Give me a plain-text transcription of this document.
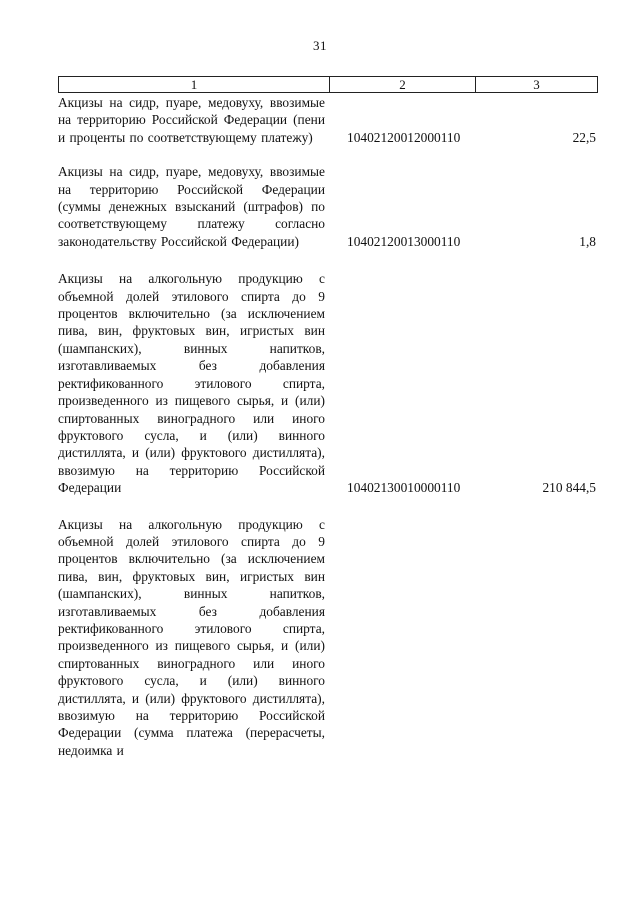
31
1	2	3
Акцизы на сидр, пуаре, медовуху, ввозимые на территорию Российской Федерации (пени и проценты по соответствующему платежу)	10402120012000110	22,5
Акцизы на сидр, пуаре, медовуху, ввозимые на территорию Российской Федерации (суммы денежных взысканий (штрафов) по соответствующему платежу согласно законодательству Российской Федерации)	10402120013000110	1,8
Акцизы на алкогольную продукцию с объемной долей этилового спирта до 9 процентов включительно (за исключением пива, вин, фруктовых вин, игристых вин (шампанских), винных напитков, изготавливаемых без добавления ректификованного этилового спирта, произведенного из пищевого сырья, и (или) спиртованных виноградного или иного фруктового сусла, и (или) винного дистиллята, и (или) фруктового дистиллята), ввозимую на территорию Российской Федерации	10402130010000110	210 844,5
Акцизы на алкогольную продукцию с объемной долей этилового спирта до 9 процентов включительно (за исключением пива, вин, фруктовых вин, игристых вин (шампанских), винных напитков, изготавливаемых без добавления ректификованного этилового спирта, произведенного из пищевого сырья, и (или) спиртованных виноградного или иного фруктового сусла, и (или) винного дистиллята, и (или) фруктового дистиллята), ввозимую на территорию Российской Федерации (сумма платежа (перерасчеты, недоимка и
